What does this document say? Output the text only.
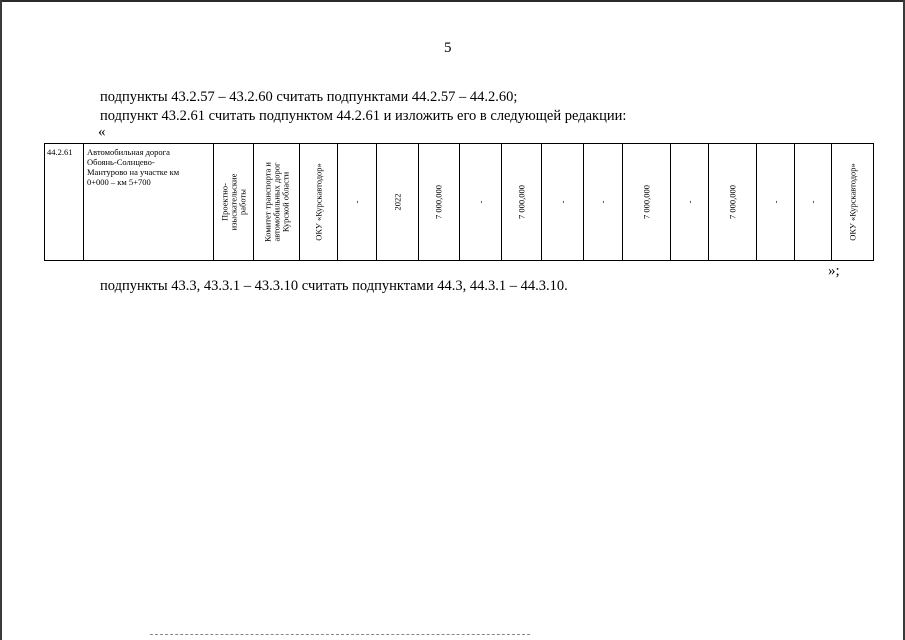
5
подпункты 43.2.57 – 43.2.60 считать подпунктами 44.2.57 – 44.2.60;
подпункт 43.2.61 считать подпунктом 44.2.61 и изложить его в следующей редакции:
«
44.2.61	Автомобильная дорога
Обоянь-Солнцево-
Мантурово на участке км
0+000 – км 5+700

Проектно- изыскательские работы	Комитет транспорта и автомобильных дорог Курской области	ОКУ «Курскавтодор»	-	2022	7 000,000	-	7 000,000	-	-	7 000,000	-	7 000,000	-	-	ОКУ «Курскавтодор»
»;
подпункты 43.3, 43.3.1 – 43.3.10 считать подпунктами 44.3, 44.3.1 – 44.3.10.
